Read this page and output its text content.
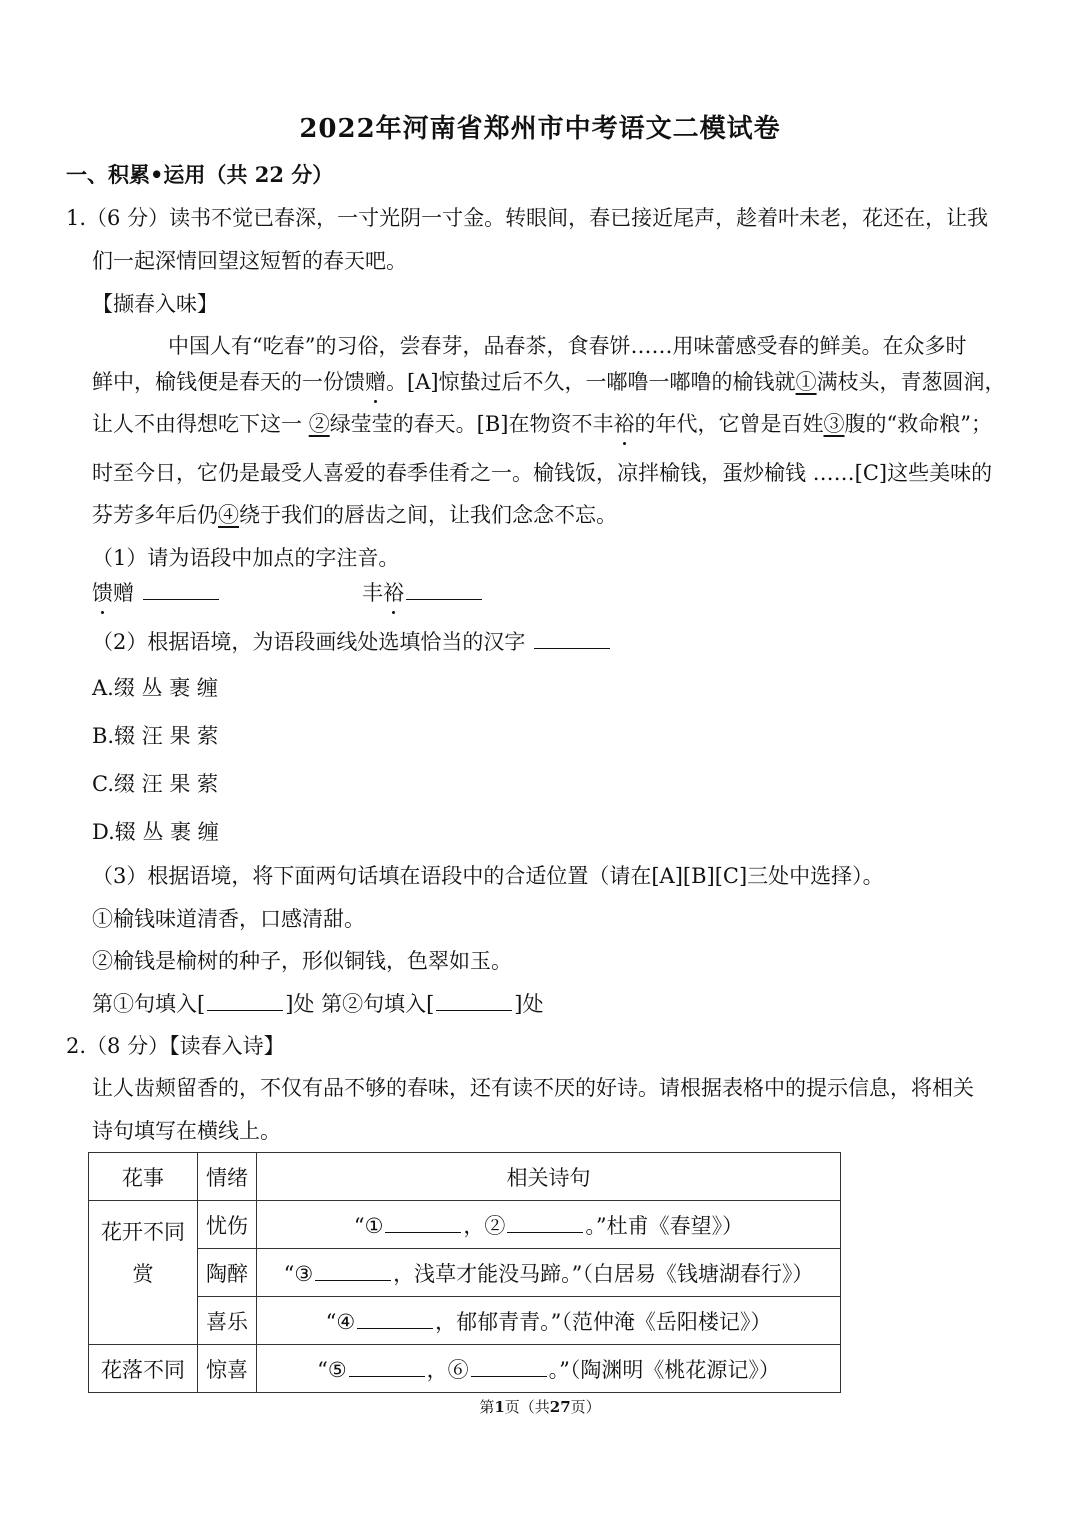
2022年河南省郑州市中考语文二模试卷
一、积累•运用（共 22 分）
1.（6 分）读书不觉已春深，一寸光阴一寸金。转眼间，春已接近尾声，趁着叶未老，花还在，让我
们一起深情回望这短暂的春天吧。
【撷春入味】
中国人有“吃春”的习俗，尝春芽，品春茶，食春饼……用味蕾感受春的鲜美。在众多时
鲜中，榆钱便是春天的一份馈赠。[A]惊蛰过后不久，一嘟噜一嘟噜的榆钱就①满枝头，青葱圆润，
让人不由得想吃下这一 ②绿莹莹的春天。[B]在物资不丰裕的年代，它曾是百姓③腹的“救命粮”；
时至今日，它仍是最受人喜爱的春季佳肴之一。榆钱饭，凉拌榆钱，蛋炒榆钱 ……[C]这些美味的
芬芳多年后仍④绕于我们的唇齿之间，让我们念念不忘。
（1）请为语段中加点的字注音。
馈赠	丰裕
（2）根据语境，为语段画线处选填恰当的汉字
A.缀 丛 裹 缠
B.辍 汪 果 萦
C.缀 汪 果 萦
D.辍 丛 裹 缠
（3）根据语境，将下面两句话填在语段中的合适位置（请在[A][B][C]三处中选择）。
①榆钱味道清香，口感清甜。
②榆钱是榆树的种子，形似铜钱，色翠如玉。
第①句填入[	]处 第②句填入[	]处
2.（8 分）【读春入诗】
让人齿颊留香的，不仅有品不够的春味，还有读不厌的好诗。请根据表格中的提示信息，将相关
诗句填写在横线上。
花事	情绪	相关诗句

花开不同
赏	忧伤	“① ，② 。”杜甫《春望》）
	陶醉	“③ ，浅草才能没马蹄。”（白居易《钱塘湖春行》）
	喜乐	“④ ，郁郁青青。”（范仲淹《岳阳楼记》）
花落不同	惊喜	“⑤ ，⑥ 。”（陶渊明《桃花源记》）
第1页（共27页）
